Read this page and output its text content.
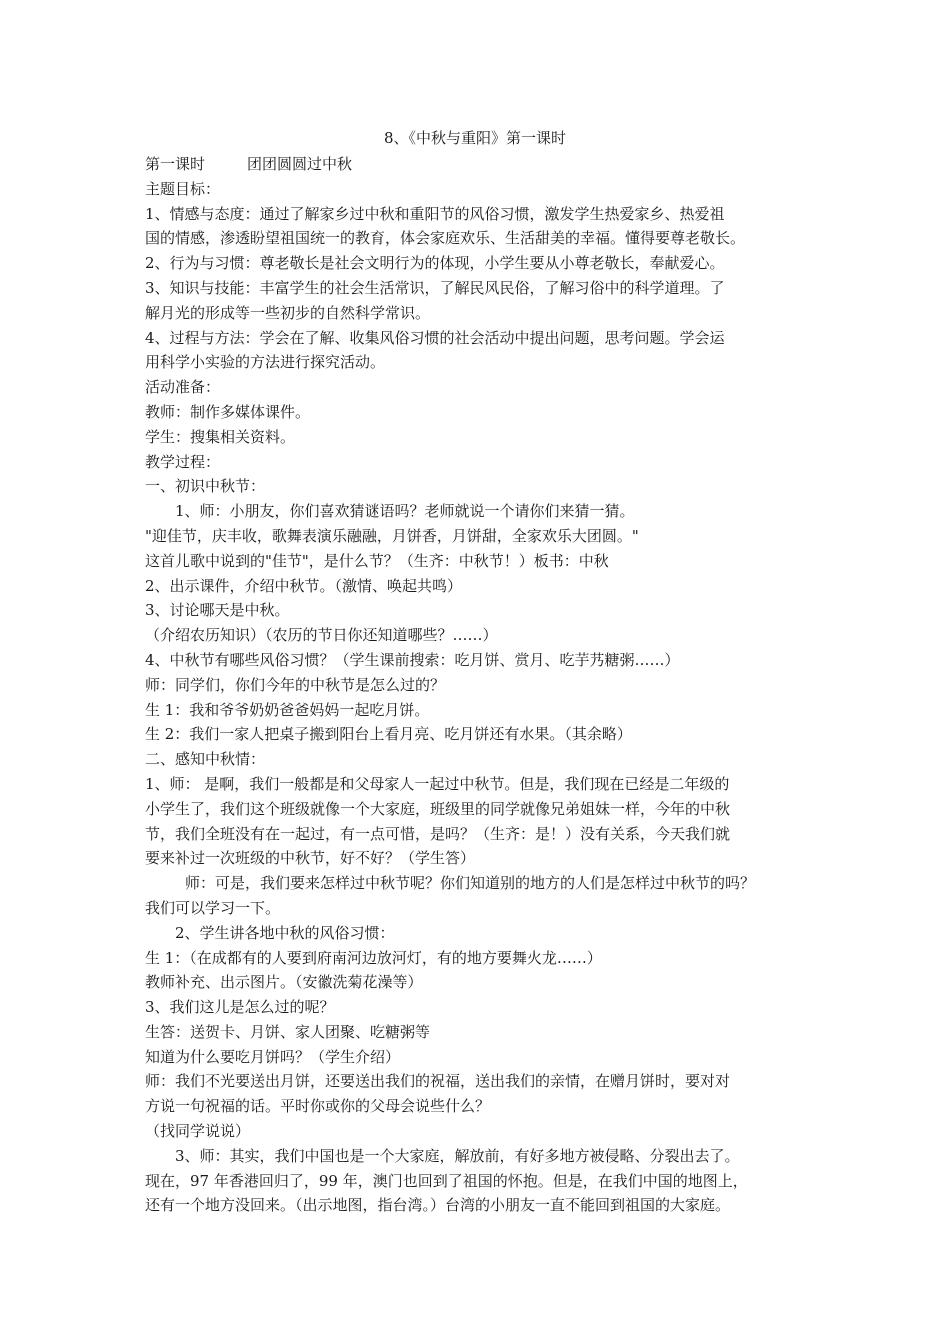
8、《中秋与重阳》第一课时
第一课时	团团圆圆过中秋
主题目标：
1、情感与态度：通过了解家乡过中秋和重阳节的风俗习惯，激发学生热爱家乡、热爱祖
国的情感，渗透盼望祖国统一的教育，体会家庭欢乐、生活甜美的幸福。懂得要尊老敬长。
2、行为与习惯：尊老敬长是社会文明行为的体现，小学生要从小尊老敬长，奉献爱心。
3、知识与技能：丰富学生的社会生活常识，了解民风民俗，了解习俗中的科学道理。了
解月光的形成等一些初步的自然科学常识。
4、过程与方法：学会在了解、收集风俗习惯的社会活动中提出问题，思考问题。学会运
用科学小实验的方法进行探究活动。
活动准备：
教师：制作多媒体课件。
学生：搜集相关资料。
教学过程：
一、初识中秋节：
1、师：小朋友，你们喜欢猜谜语吗？老师就说一个请你们来猜一猜。
"迎佳节，庆丰收，歌舞表演乐融融，月饼香，月饼甜，全家欢乐大团圆。"
这首儿歌中说到的"佳节"，是什么节？（生齐：中秋节！）板书：中秋
2、出示课件，介绍中秋节。（激情、唤起共鸣）
3、讨论哪天是中秋。
（介绍农历知识）（农历的节日你还知道哪些？……）
4、中秋节有哪些风俗习惯？（学生课前搜索：吃月饼、赏月、吃芋艿糖粥……）
师：同学们，你们今年的中秋节是怎么过的？
生 1：我和爷爷奶奶爸爸妈妈一起吃月饼。
生 2：我们一家人把桌子搬到阳台上看月亮、吃月饼还有水果。（其余略）
二、感知中秋情：
1、师： 是啊，我们一般都是和父母家人一起过中秋节。但是，我们现在已经是二年级的
小学生了，我们这个班级就像一个大家庭，班级里的同学就像兄弟姐妹一样，今年的中秋
节，我们全班没有在一起过，有一点可惜，是吗？（生齐：是！）没有关系，今天我们就
要来补过一次班级的中秋节，好不好？（学生答）
师：可是，我们要来怎样过中秋节呢？你们知道别的地方的人们是怎样过中秋节的吗？
我们可以学习一下。
2、学生讲各地中秋的风俗习惯：
生 1：（在成都有的人要到府南河边放河灯，有的地方要舞火龙……）
教师补充、出示图片。（安徽洗菊花澡等）
3、我们这儿是怎么过的呢？
生答：送贺卡、月饼、家人团聚、吃糖粥等
知道为什么要吃月饼吗？（学生介绍）
师：我们不光要送出月饼，还要送出我们的祝福，送出我们的亲情，在赠月饼时，要对对
方说一句祝福的话。平时你或你的父母会说些什么？
（找同学说说）
3、师：其实，我们中国也是一个大家庭，解放前，有好多地方被侵略、分裂出去了。
现在，97 年香港回归了，99 年，澳门也回到了祖国的怀抱。但是，在我们中国的地图上，
还有一个地方没回来。（出示地图，指台湾。）台湾的小朋友一直不能回到祖国的大家庭。
